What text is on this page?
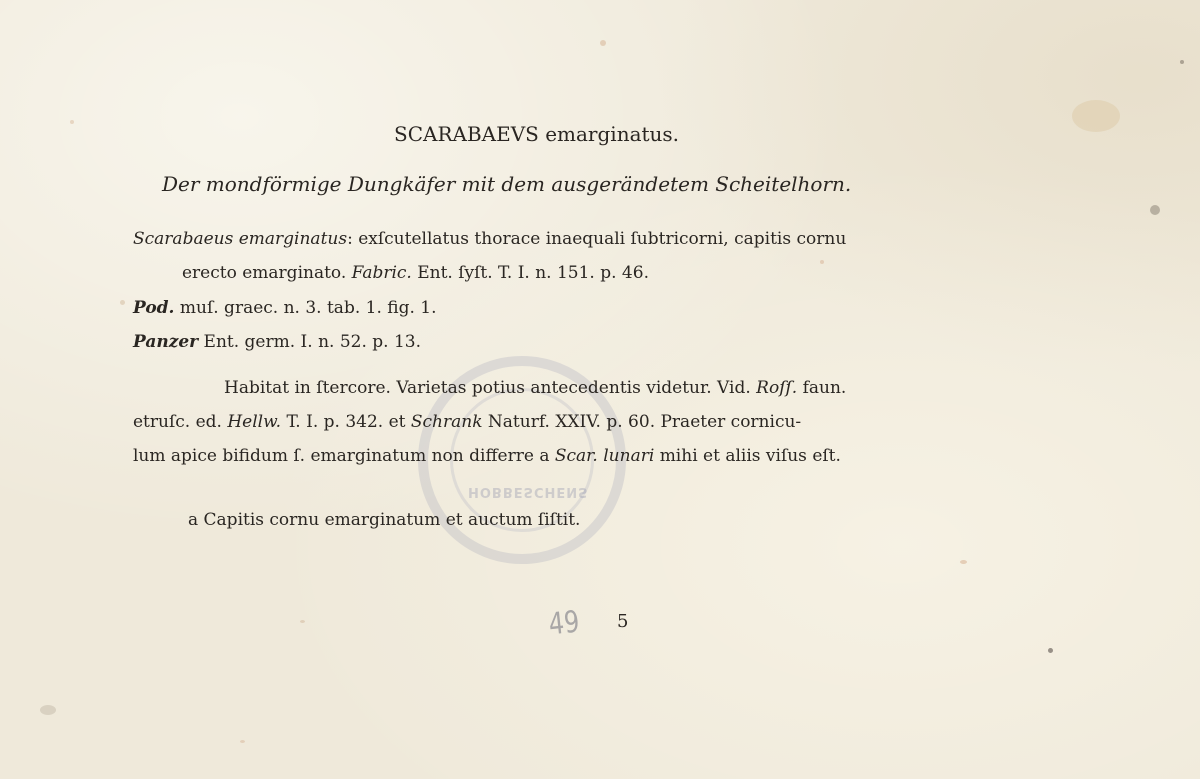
HOBBESCHENS
SCARABAEVS emarginatus.
Der mondförmige Dungkäfer mit dem ausgerändetem Scheitelhorn.
Scarabaeus emarginatus: exſcutellatus thorace inaequali ſubtricorni, capitis cornu
erecto emarginato. Fabric. Ent. ſyſt. T. I. n. 151. p. 46.
Pod. muſ. graec. n. 3. tab. 1. fig. 1.
Panzer Ent. germ. I. n. 52. p. 13.
Habitat in ſtercore. Varietas potius antecedentis videtur. Vid. Roſſ. faun.
etruſc. ed. Hellw. T. I. p. 342. et Schrank Naturf. XXIV. p. 60. Praeter cornicu-
lum apice bifidum ſ. emarginatum non differre a Scar. lunari mihi et aliis viſus eſt.
a Capitis cornu emarginatum et auctum ſiſtit.
49 5
